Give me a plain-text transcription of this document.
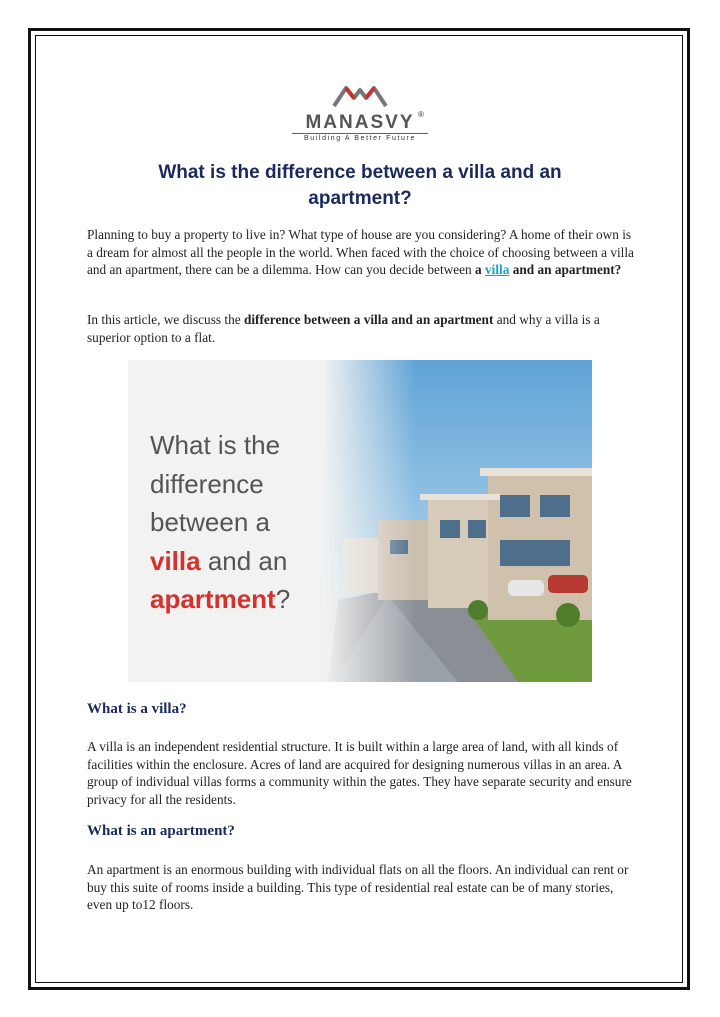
MANASVY ®
Building A Better Future
What is the difference between a villa and an apartment?

Planning to buy a property to live in? What type of house are you considering? A home of their own is a dream for almost all the people in the world. When faced with the choice of choosing between a villa and an apartment, there can be a dilemma. How can you decide between a villa and an apartment?

In this article, we discuss the difference between a villa and an apartment and why a villa is a superior option to a flat.

What is the
difference
between a
villa and an
apartment?
What is a villa?

A villa is an independent residential structure. It is built within a large area of land, with all kinds of facilities within the enclosure. Acres of land are acquired for designing numerous villas in an area. A group of individual villas forms a community within the gates. They have separate security and ensure privacy for all the residents.

What is an apartment?

An apartment is an enormous building with individual flats on all the floors. An individual can rent or buy this suite of rooms inside a building. This type of residential real estate can be of many stories, even up to12 floors.
